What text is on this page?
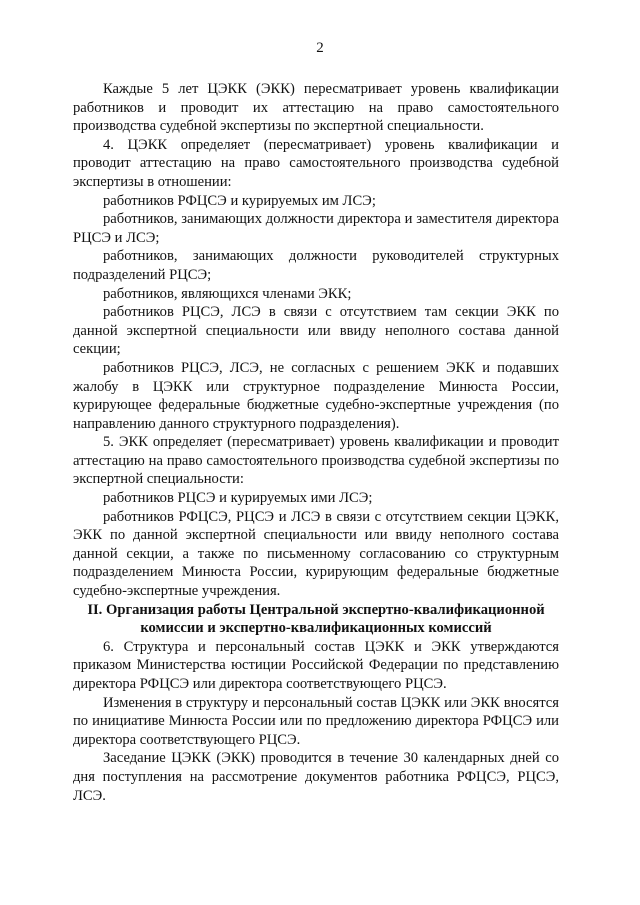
2

Каждые 5 лет ЦЭКК (ЭКК) пересматривает уровень квалификации работников и проводит их аттестацию на право самостоятельного производства судебной экспертизы по экспертной специальности.

4. ЦЭКК определяет (пересматривает) уровень квалификации и проводит аттестацию на право самостоятельного производства судебной экспертизы в отношении:

работников РФЦСЭ и курируемых им ЛСЭ;

работников, занимающих должности директора и заместителя директора РЦСЭ и ЛСЭ;

работников, занимающих должности руководителей структурных подразделений РЦСЭ;

работников, являющихся членами ЭКК;

работников РЦСЭ, ЛСЭ в связи с отсутствием там секции ЭКК по данной экспертной специальности или ввиду неполного состава данной секции;

работников РЦСЭ, ЛСЭ, не согласных с решением ЭКК и подавших жалобу в ЦЭКК или структурное подразделение Минюста России, курирующее федеральные бюджетные судебно-экспертные учреждения (по направлению данного структурного подразделения).

5. ЭКК определяет (пересматривает) уровень квалификации и проводит аттестацию на право самостоятельного производства судебной экспертизы по экспертной специальности:

работников РЦСЭ и курируемых ими ЛСЭ;

работников РФЦСЭ, РЦСЭ и ЛСЭ в связи с отсутствием секции ЦЭКК, ЭКК по данной экспертной специальности или ввиду неполного состава данной секции, а также по письменному согласованию со структурным подразделением Минюста России, курирующим федеральные бюджетные судебно-экспертные учреждения.

II. Организация работы Центральной экспертно-квалификационной комиссии и экспертно-квалификационных комиссий

6. Структура и персональный состав ЦЭКК и ЭКК утверждаются приказом Министерства юстиции Российской Федерации по представлению директора РФЦСЭ или директора соответствующего РЦСЭ.

Изменения в структуру и персональный состав ЦЭКК или ЭКК вносятся по инициативе Минюста России или по предложению директора РФЦСЭ или директора соответствующего РЦСЭ.

Заседание ЦЭКК (ЭКК) проводится в течение 30 календарных дней со дня поступления на рассмотрение документов работника РФЦСЭ, РЦСЭ, ЛСЭ.
